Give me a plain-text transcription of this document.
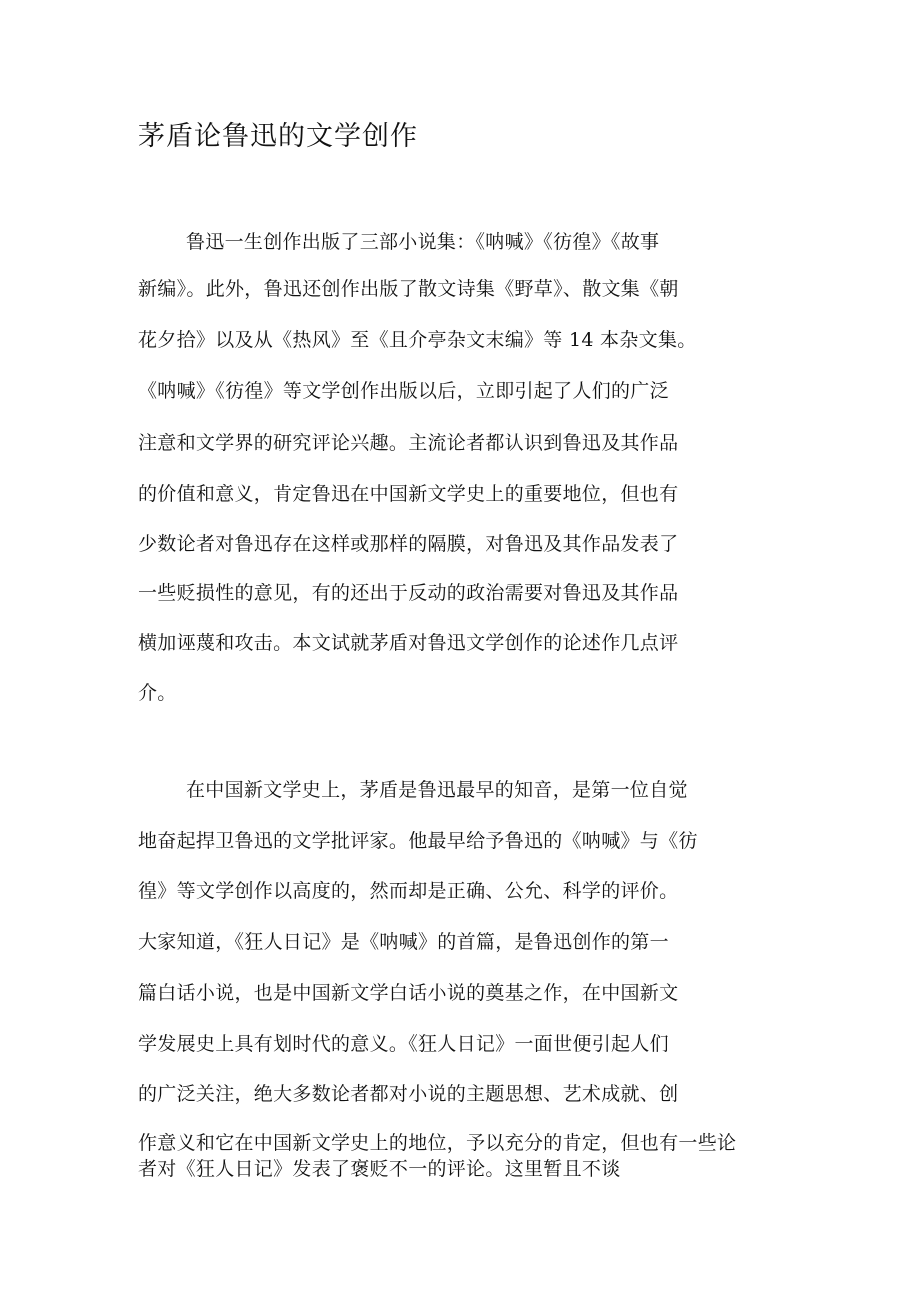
茅盾论鲁迅的文学创作
鲁迅一生创作出版了三部小说集：《呐喊》《彷徨》《故事
新编》。此外，鲁迅还创作出版了散文诗集《野草》、散文集《朝
花夕拾》以及从《热风》至《且介亭杂文末编》等 14 本杂文集。
《呐喊》《彷徨》等文学创作出版以后，立即引起了人们的广泛
注意和文学界的研究评论兴趣。主流论者都认识到鲁迅及其作品
的价值和意义，肯定鲁迅在中国新文学史上的重要地位，但也有
少数论者对鲁迅存在这样或那样的隔膜，对鲁迅及其作品发表了
一些贬损性的意见，有的还出于反动的政治需要对鲁迅及其作品
横加诬蔑和攻击。本文试就茅盾对鲁迅文学创作的论述作几点评
介。
在中国新文学史上，茅盾是鲁迅最早的知音，是第一位自觉
地奋起捍卫鲁迅的文学批评家。他最早给予鲁迅的《呐喊》与《彷
徨》等文学创作以高度的，然而却是正确、公允、科学的评价。
大家知道，《狂人日记》是《呐喊》的首篇，是鲁迅创作的第一
篇白话小说，也是中国新文学白话小说的奠基之作，在中国新文
学发展史上具有划时代的意义。《狂人日记》一面世便引起人们
的广泛关注，绝大多数论者都对小说的主题思想、艺术成就、创
作意义和它在中国新文学史上的地位，予以充分的肯定，但也有一些论
者对《狂人日记》发表了褒贬不一的评论。这里暂且不谈
